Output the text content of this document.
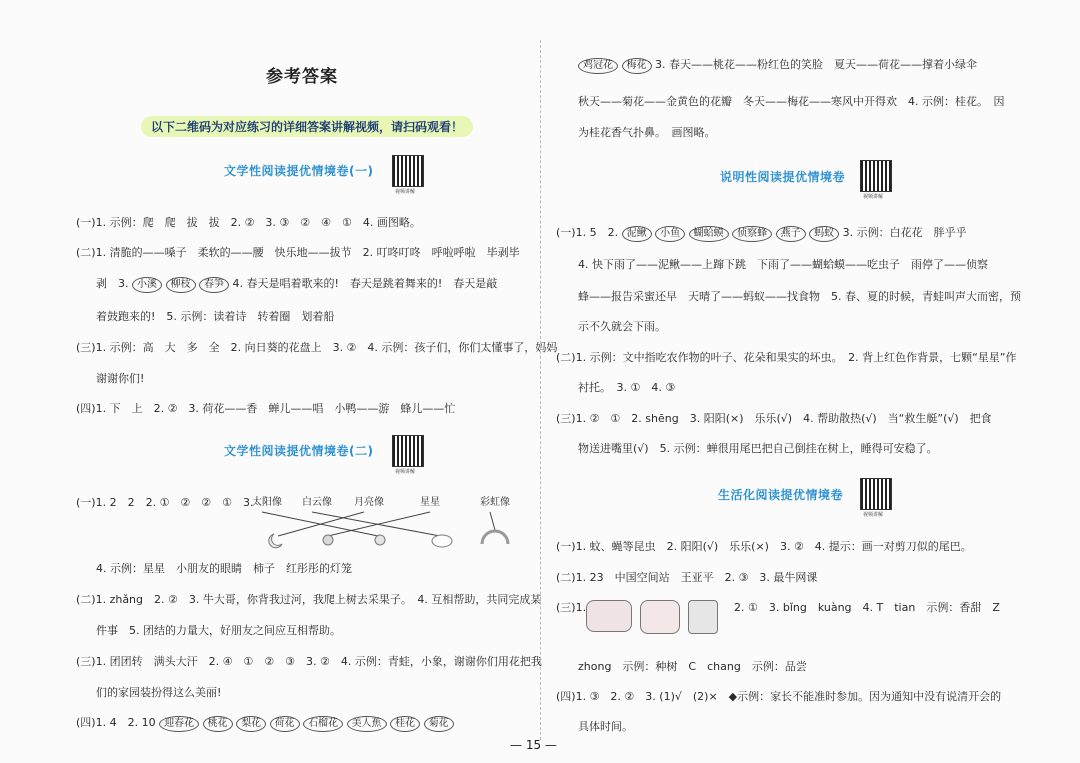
参考答案
以下二维码为对应练习的详细答案讲解视频，请扫码观看！
文学性阅读提优情境卷(一)
视频讲解
(一)1. 示例：爬　爬　拔　拔　2. ②　3. ③　②　④　①　4. 画图略。
(二)1. 清脆的——嗓子　柔软的——腰　快乐地——拔节　2. 叮咚叮咚　呼啦呼啦　毕剥毕
剥　3. 小溪 柳枝 春笋 4. 春天是唱着歌来的!　春天是跳着舞来的!　春天是敲
着鼓跑来的!　5. 示例：读着诗　转着圈　划着船
(三)1. 示例：高　大　多　全　2. 向日葵的花盘上　3. ②　4. 示例：孩子们，你们太懂事了，妈妈
谢谢你们!
(四)1. 下　上　2. ②　3. 荷花——香　蝉儿——唱　小鸭——游　蜂儿——忙
文学性阅读提优情境卷(二)
视频讲解
(一)1. 2　2　2. ①　②　②　①　3.
太阳像 白云像 月亮像	星星	彩虹像
4. 示例：星星　小朋友的眼睛　柿子　红彤彤的灯笼
(二)1. zhǎng　2. ②　3. 牛大哥，你背我过河，我爬上树去采果子。　4. 互相帮助，共同完成某
件事　5. 团结的力量大，好朋友之间应互相帮助。
(三)1. 团团转　满头大汗　2. ④　①　②　③　3. ②　4. 示例：青蛙，小象，谢谢你们用花把我
们的家园装扮得这么美丽!
(四)1. 4　2. 10 迎春花 桃花 梨花 荷花 石榴花 美人蕉 桂花 菊花
鸡冠花 梅花 3. 春天——桃花——粉红色的笑脸　夏天——荷花——撑着小绿伞
秋天——菊花——金黄色的花瓣　冬天——梅花——寒风中开得欢　4. 示例：桂花。　因
为桂花香气扑鼻。　画图略。
说明性阅读提优情境卷
视频讲解
(一)1. 5　2. 泥鳅 小鱼 蝴蛤蟆 侦察蜂 燕子 蚂蚁 3. 示例：白花花　胖乎乎
4. 快下雨了——泥鳅——上蹿下跳　下雨了——蝴蛤蟆——吃虫子　雨停了——侦察
蜂——报告采蜜还早　天晴了——蚂蚁——找食物　5. 春、夏的时候，青蛙叫声大而密，预
示不久就会下雨。
(二)1. 示例：文中指吃农作物的叶子、花朵和果实的坏虫。　2. 背上红色作背景，七颗“星星”作
衬托。　3. ①　4. ③
(三)1. ②　①　2. shēng　3. 阳阳(×)　乐乐(√)　4. 帮助散热(√)　当“救生艇”(√)　把食
物送进嘴里(√)　5. 示例：蝉很用尾巴把自己倒挂在树上，睡得可安稳了。
生活化阅读提优情境卷
视频讲解
(一)1. 蚊、蝇等昆虫　2. 阳阳(√)　乐乐(×)　3. ②　4. 提示：画一对剪刀似的尾巴。
(二)1. 23　中国空间站　王亚平　2. ③　3. 最牛网课
(三)1.	2. ①　3. bǐng　kuàng　4. T　tian　示例：香甜　Z
zhong　示例：种树　C　chang　示例：品尝
(四)1. ③　2. ②　3. (1)√　(2)×　◆示例：家长不能准时参加。因为通知中没有说清开会的
具体时间。
— 15 —
